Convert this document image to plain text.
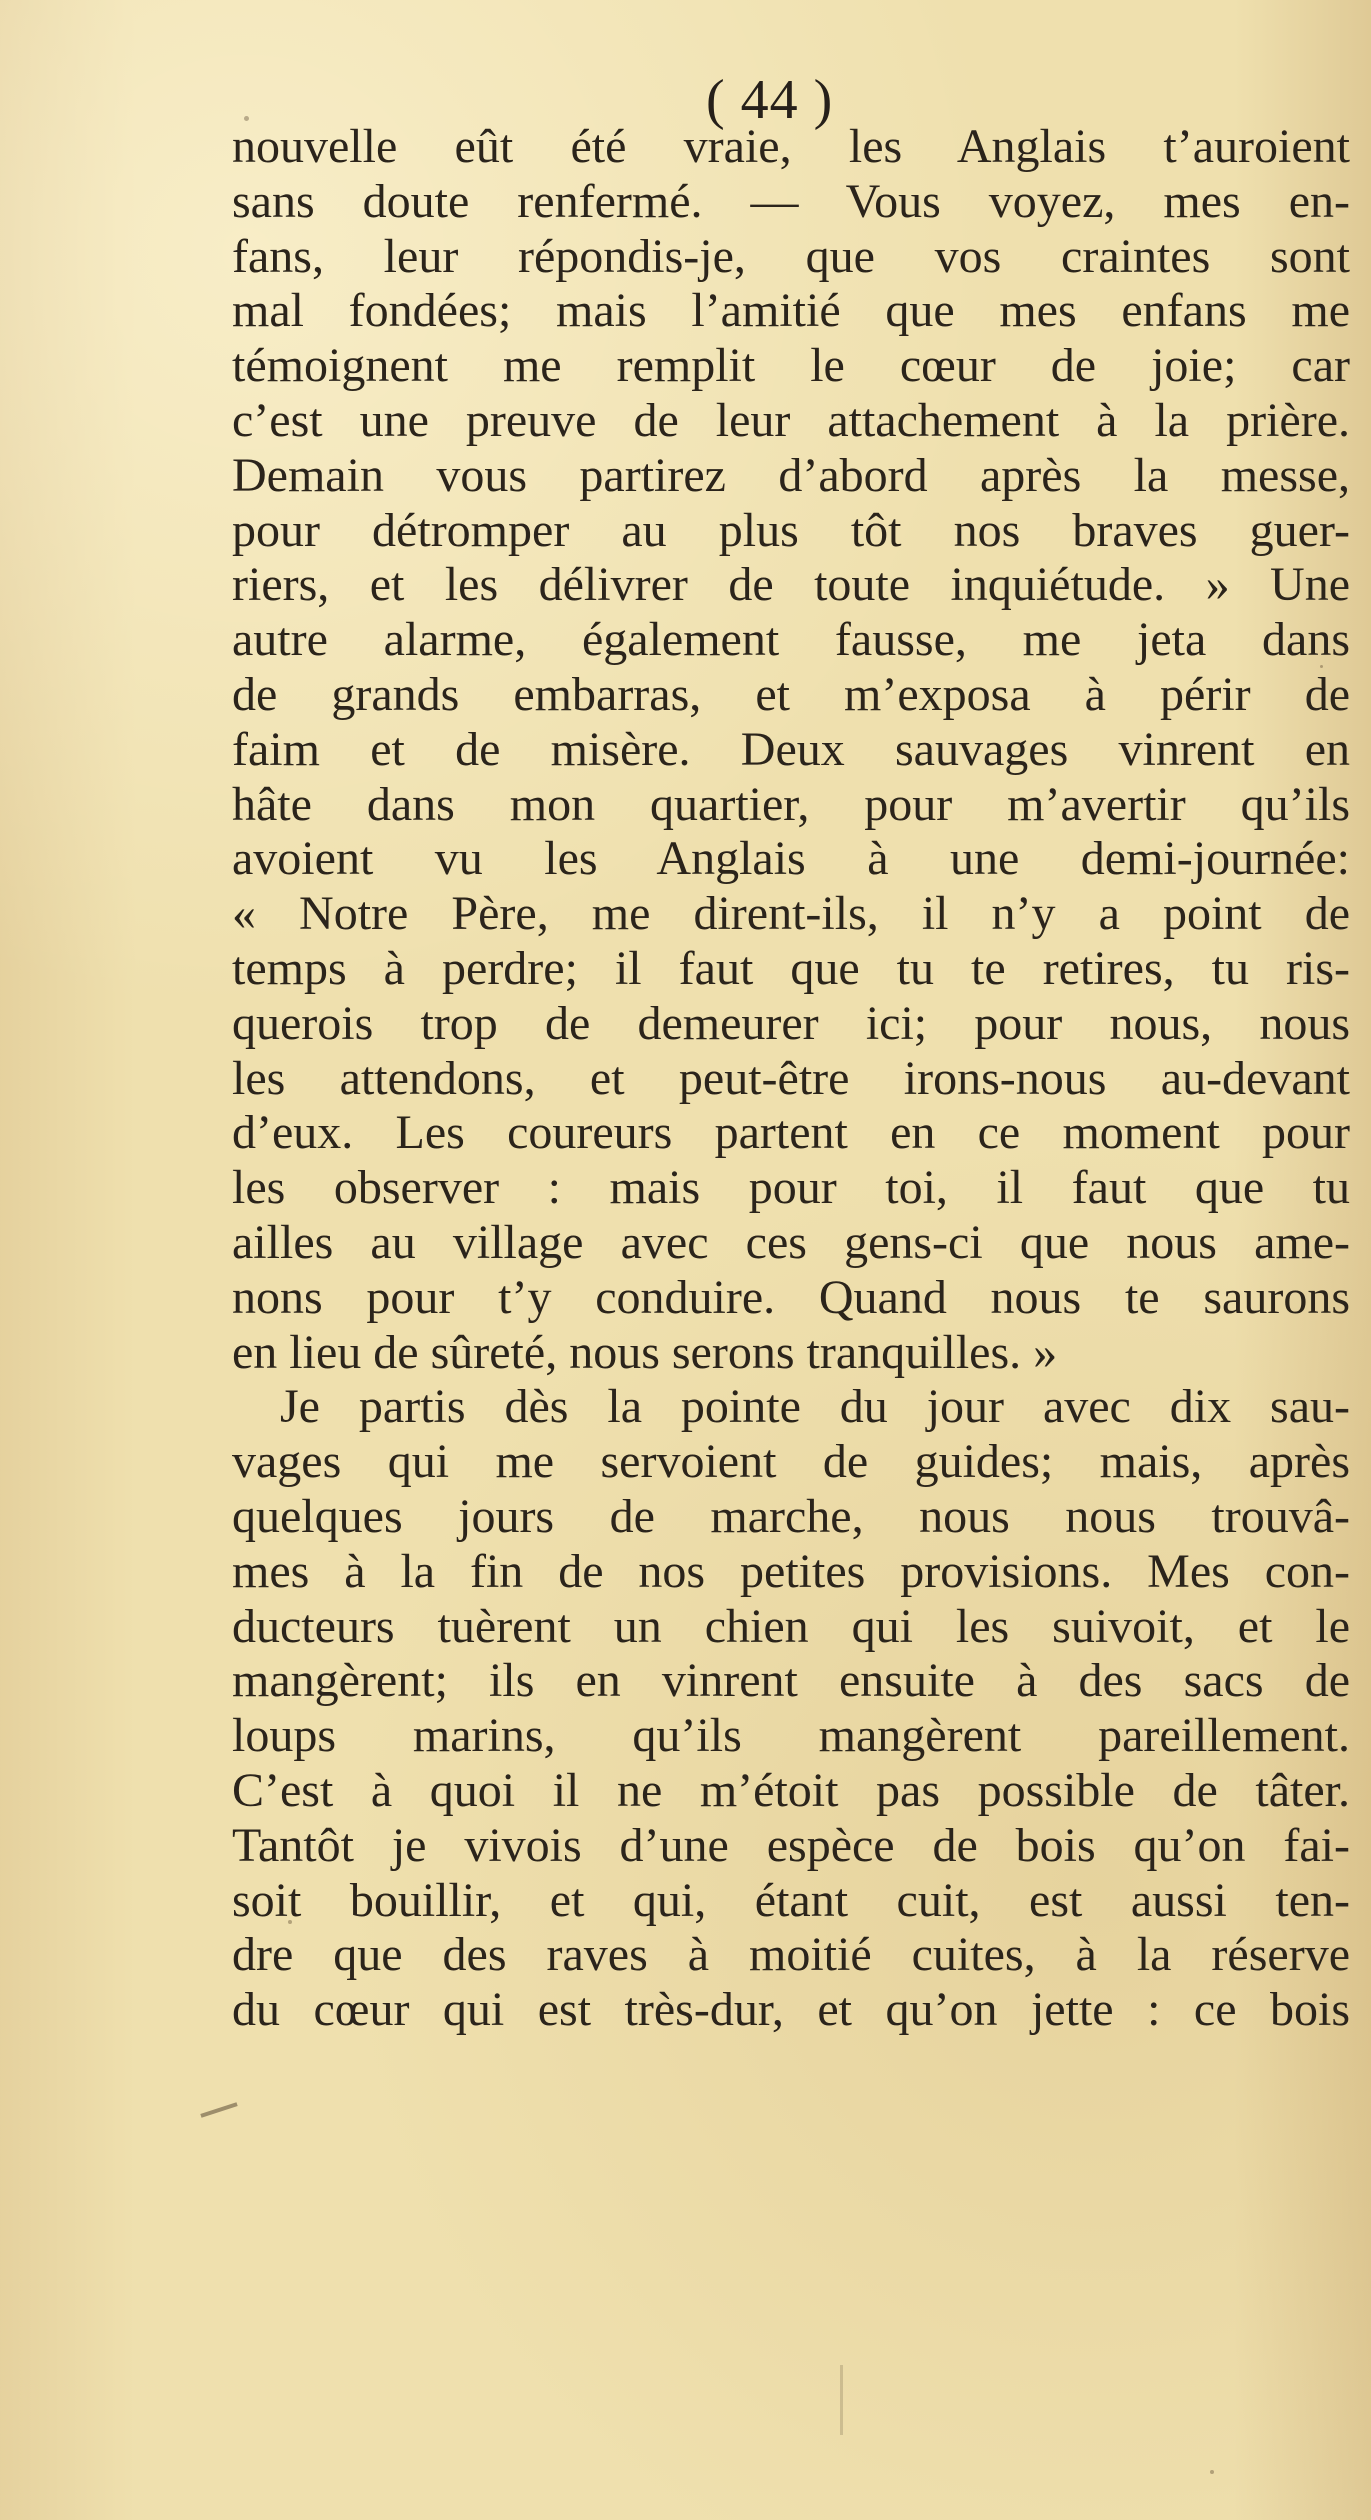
( 44 )
nouvelle eût été vraie, les Anglais t’auroient
sans doute renfermé. — Vous voyez, mes en-
fans, leur répondis-je, que vos craintes sont
mal fondées; mais l’amitié que mes enfans me
témoignent me remplit le cœur de joie; car
c’est une preuve de leur attachement à la prière.
Demain vous partirez d’abord après la messe,
pour détromper au plus tôt nos braves guer-
riers, et les délivrer de toute inquiétude. » Une
autre alarme, également fausse, me jeta dans
de grands embarras, et m’exposa à périr de
faim et de misère. Deux sauvages vinrent en
hâte dans mon quartier, pour m’avertir qu’ils
avoient vu les Anglais à une demi-journée:
« Notre Père, me dirent-ils, il n’y a point de
temps à perdre; il faut que tu te retires, tu ris-
querois trop de demeurer ici; pour nous, nous
les attendons, et peut-être irons-nous au-devant
d’eux. Les coureurs partent en ce moment pour
les observer : mais pour toi, il faut que tu
ailles au village avec ces gens-ci que nous ame-
nons pour t’y conduire. Quand nous te saurons
en lieu de sûreté, nous serons tranquilles. »
Je partis dès la pointe du jour avec dix sau-
vages qui me servoient de guides; mais, après
quelques jours de marche, nous nous trouvâ-
mes à la fin de nos petites provisions. Mes con-
ducteurs tuèrent un chien qui les suivoit, et le
mangèrent; ils en vinrent ensuite à des sacs de
loups marins, qu’ils mangèrent pareillement.
C’est à quoi il ne m’étoit pas possible de tâter.
Tantôt je vivois d’une espèce de bois qu’on fai-
soit bouillir, et qui, étant cuit, est aussi ten-
dre que des raves à moitié cuites, à la réserve
du cœur qui est très-dur, et qu’on jette : ce bois
